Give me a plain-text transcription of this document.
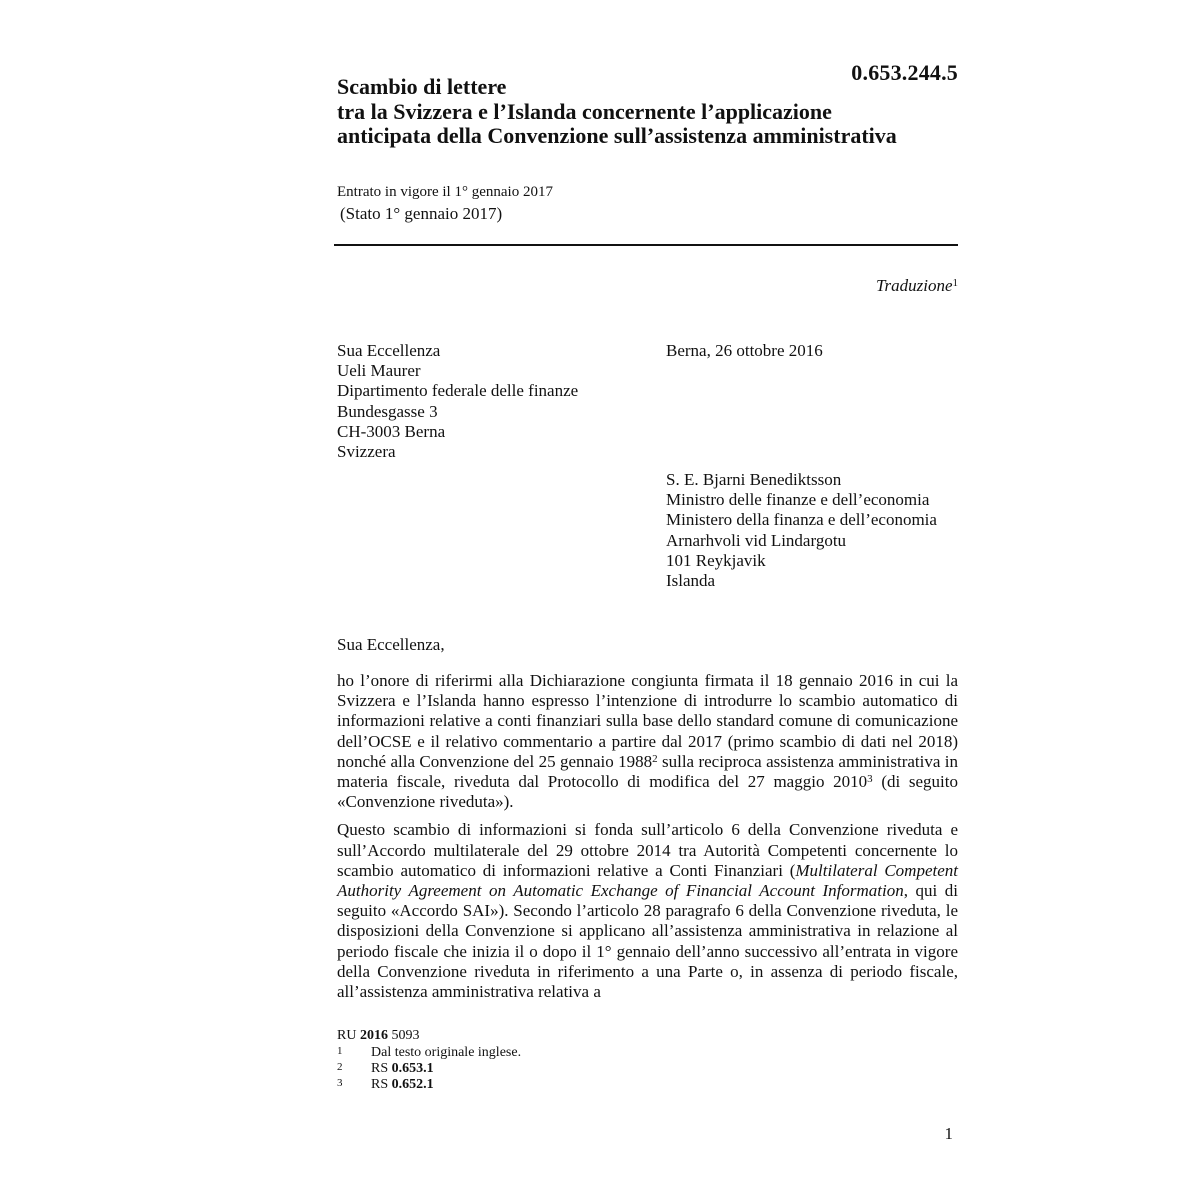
0.653.244.5
Scambio di lettere
tra la Svizzera e l’Islanda concernente l’applicazione
anticipata della Convenzione sull’assistenza amministrativa
Entrato in vigore il 1° gennaio 2017
(Stato 1° gennaio 2017)
Traduzione$^1$
Sua Eccellenza
Ueli Maurer
Dipartimento federale delle finanze
Bundesgasse 3
CH-3003 Berna
Svizzera
Berna, 26 ottobre 2016
S. E. Bjarni Benediktsson
Ministro delle finanze e dell’economia
Ministero della finanza e dell’economia
Arnarhvoli vid Lindargotu
101 Reykjavik
Islanda
Sua Eccellenza,

ho l’onore di riferirmi alla Dichiarazione congiunta firmata il 18 gennaio 2016 in cui la Svizzera e l’Islanda hanno espresso l’intenzione di introdurre lo scambio automatico di informazioni relative a conti finanziari sulla base dello standard comune di comunicazione dell’OCSE e il relativo commentario a partire dal 2017 (primo scambio di dati nel 2018) nonché alla Convenzione del 25 gennaio 1988$^2$ sulla reciproca assistenza amministrativa in materia fiscale, riveduta dal Protocollo di modifica del 27 maggio 2010$^3$ (di seguito «Convenzione riveduta»).

Questo scambio di informazioni si fonda sull’articolo 6 della Convenzione riveduta e sull’Accordo multilaterale del 29 ottobre 2014 tra Autorità Competenti concernente lo scambio automatico di informazioni relative a Conti Finanziari (Multilateral Competent Authority Agreement on Automatic Exchange of Financial Account Information, qui di seguito «Accordo SAI»). Secondo l’articolo 28 paragrafo 6 della Convenzione riveduta, le disposizioni della Convenzione si applicano all’assistenza amministrativa in relazione al periodo fiscale che inizia il o dopo il 1° gennaio dell’anno successivo all’entrata in vigore della Convenzione riveduta in riferimento a una Parte o, in assenza di periodo fiscale, all’assistenza amministrativa relativa a

RU 2016 5093
1	Dal testo originale inglese.
2	RS 0.653.1
3	RS 0.652.1
1
